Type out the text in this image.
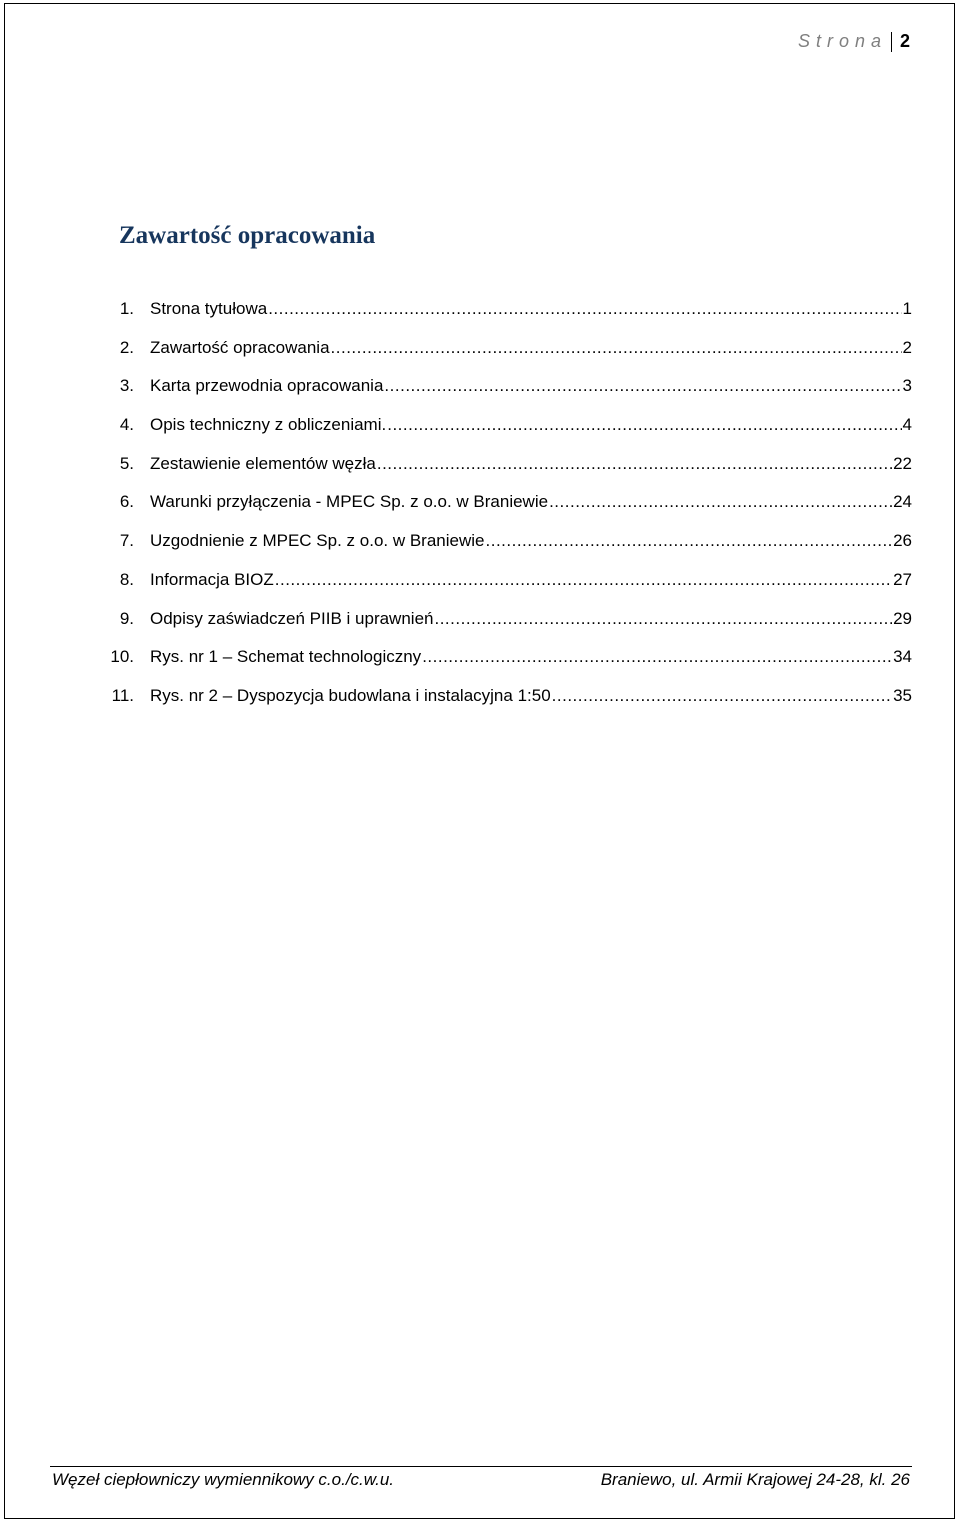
Strona 2
Zawartość opracowania
1. Strona tytułowa .....	1
2. Zawartość opracowania .....	2
3. Karta przewodnia opracowania .....	3
4. Opis techniczny z obliczeniami. .....	4
5. Zestawienie elementów węzła .....	22
6. Warunki przyłączenia - MPEC Sp. z o.o. w Braniewie .....	24
7. Uzgodnienie z MPEC Sp. z o.o. w Braniewie .....	26
8. Informacja BIOZ .....	27
9. Odpisy zaświadczeń PIIB i uprawnień .....	29
10. Rys. nr 1 – Schemat technologiczny .....	34
11. Rys. nr 2 – Dyspozycja budowlana i instalacyjna 1:50 .....	35
Węzeł ciepłowniczy wymiennikowy c.o./c.w.u.	Braniewo, ul. Armii Krajowej 24-28, kl. 26
